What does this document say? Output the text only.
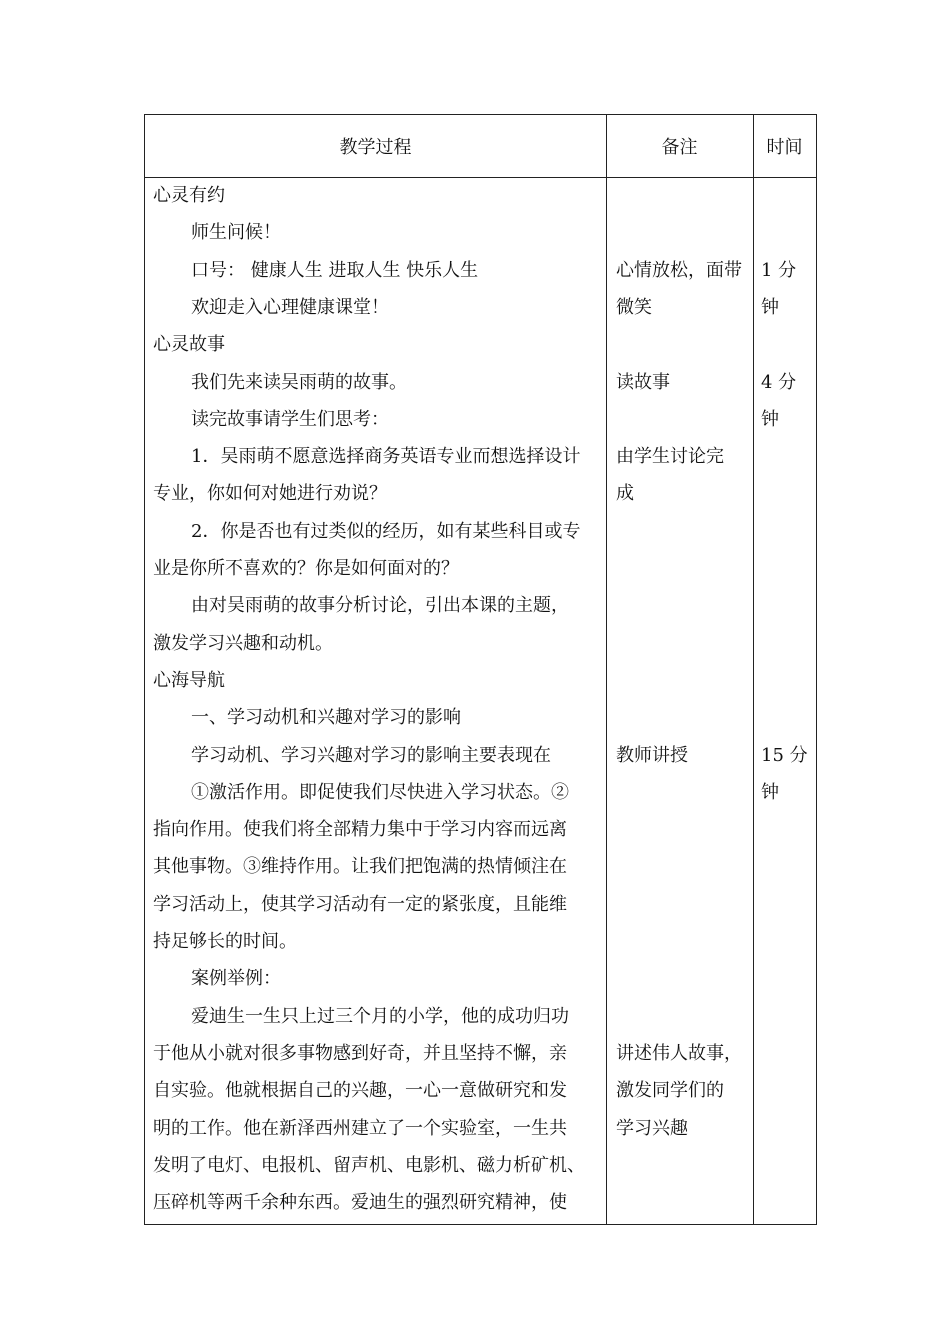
教学过程	备注	时间
心灵有约
师生问候！
口号： 健康人生 进取人生 快乐人生
欢迎走入心理健康课堂！
心灵故事
我们先来读吴雨萌的故事。
读完故事请学生们思考：
1．吴雨萌不愿意选择商务英语专业而想选择设计
专业，你如何对她进行劝说？
2．你是否也有过类似的经历，如有某些科目或专
业是你所不喜欢的？你是如何面对的？
由对吴雨萌的故事分析讨论，引出本课的主题，
激发学习兴趣和动机。
心海导航
一、学习动机和兴趣对学习的影响
学习动机、学习兴趣对学习的影响主要表现在
①激活作用。即促使我们尽快进入学习状态。②
指向作用。使我们将全部精力集中于学习内容而远离
其他事物。③维持作用。让我们把饱满的热情倾注在
学习活动上，使其学习活动有一定的紧张度，且能维
持足够长的时间。
案例举例：
爱迪生一生只上过三个月的小学，他的成功归功
于他从小就对很多事物感到好奇，并且坚持不懈，亲
自实验。他就根据自己的兴趣，一心一意做研究和发
明的工作。他在新泽西州建立了一个实验室，一生共
发明了电灯、电报机、留声机、电影机、磁力析矿机、
压碎机等两千余种东西。爱迪生的强烈研究精神，使
心情放松，面带
微笑
读故事
由学生讨论完
成
教师讲授
讲述伟人故事，
激发同学们的
学习兴趣
1 分
钟
4 分
钟
15 分
钟
